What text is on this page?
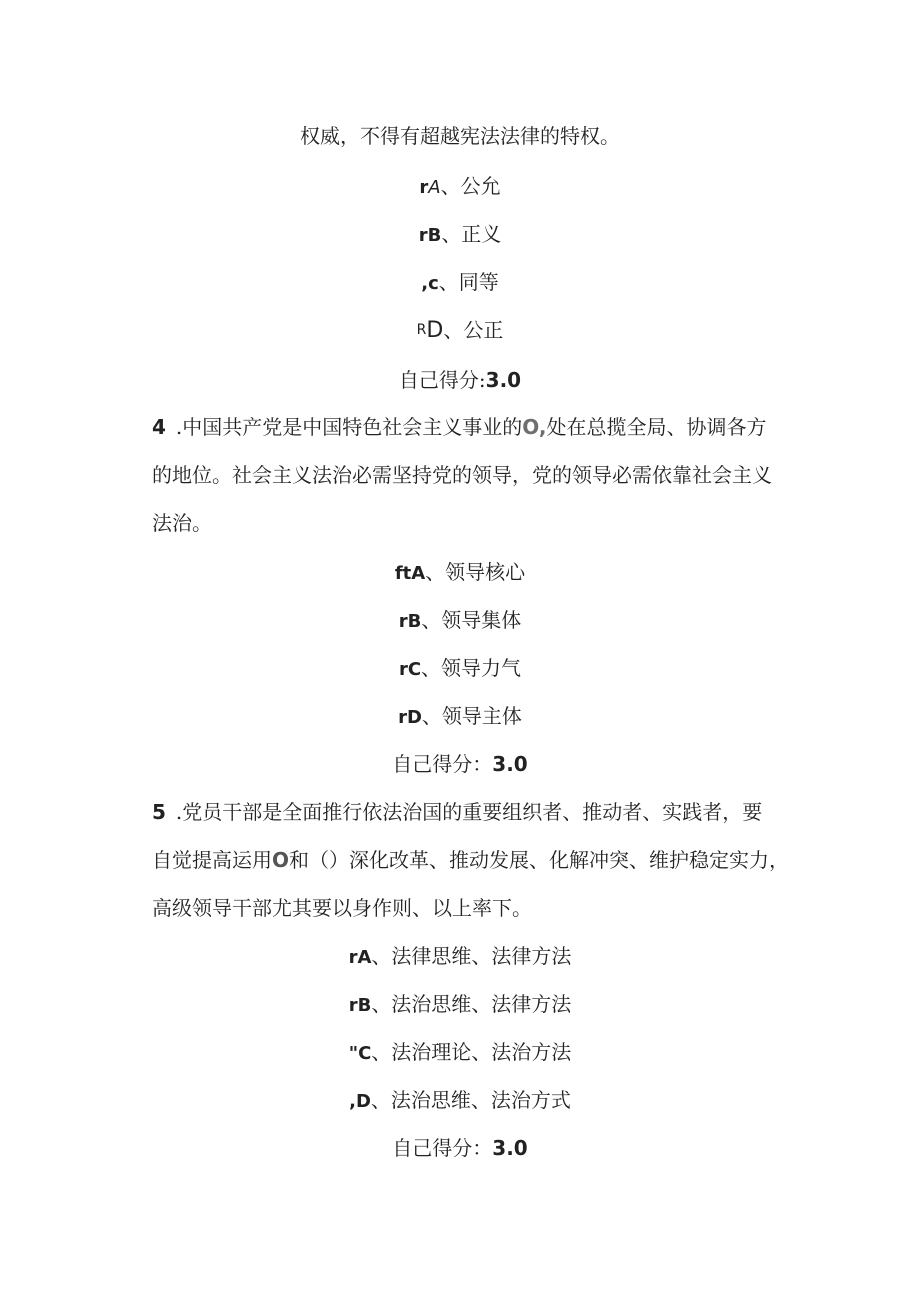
权威，不得有超越宪法法律的特权。
rA、公允
rB、正义
,c、同等
$^R$D、公正
自己得分:3.0
4 .中国共产党是中国特色社会主义事业的O,处在总揽全局、协调各方
的地位。社会主义法治必需坚持党的领导，党的领导必需依靠社会主义
法治。
ftA、领导核心
rB、领导集体
rC、领导力气
rD、领导主体
自己得分：3.0
5 .党员干部是全面推行依法治国的重要组织者、推动者、实践者，要
自觉提高运用O和（）深化改革、推动发展、化解冲突、维护稳定实力，
高级领导干部尤其要以身作则、以上率下。
rA、法律思维、法律方法
rB、法治思维、法律方法
"C、法治理论、法治方法
,D、法治思维、法治方式
自己得分：3.0
